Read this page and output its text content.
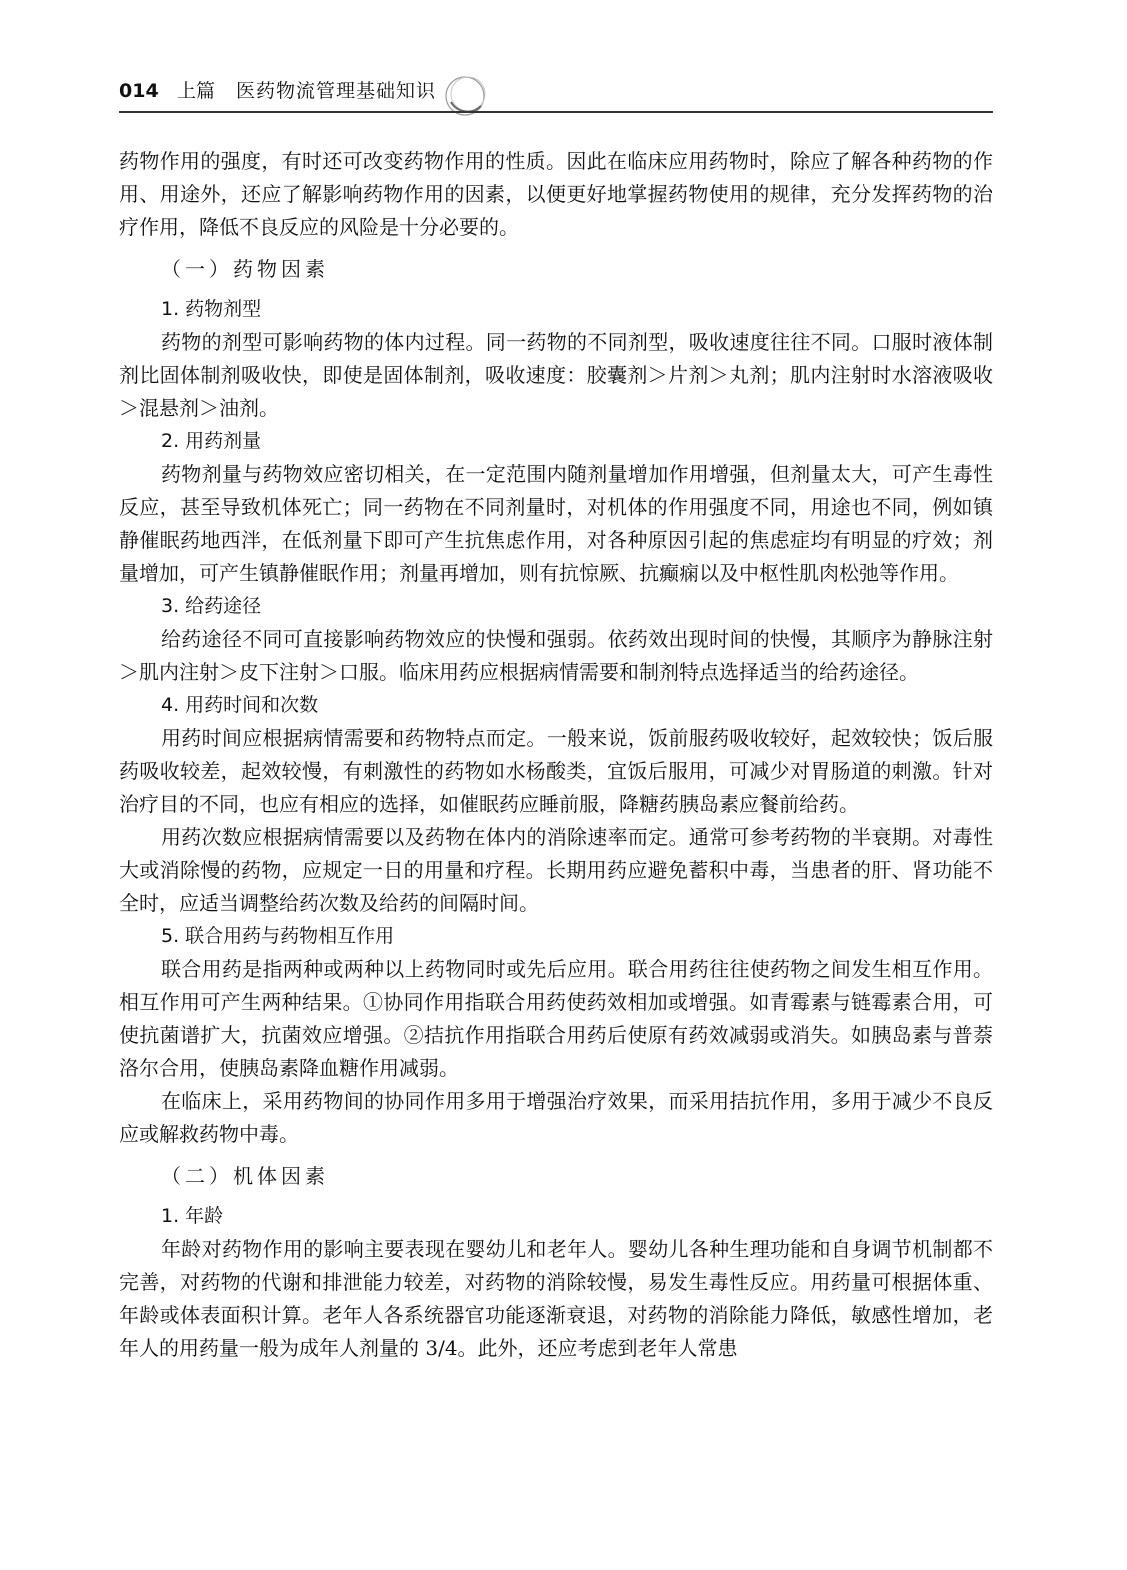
014 上篇 医药物流管理基础知识
药物作用的强度，有时还可改变药物作用的性质。因此在临床应用药物时，除应了解各种药物的作用、用途外，还应了解影响药物作用的因素，以便更好地掌握药物使用的规律，充分发挥药物的治疗作用，降低不良反应的风险是十分必要的。
（一）药物因素
1. 药物剂型
药物的剂型可影响药物的体内过程。同一药物的不同剂型，吸收速度往往不同。口服时液体制剂比固体制剂吸收快，即使是固体制剂，吸收速度：胶囊剂＞片剂＞丸剂；肌内注射时水溶液吸收＞混悬剂＞油剂。
2. 用药剂量
药物剂量与药物效应密切相关，在一定范围内随剂量增加作用增强，但剂量太大，可产生毒性反应，甚至导致机体死亡；同一药物在不同剂量时，对机体的作用强度不同，用途也不同，例如镇静催眠药地西泮，在低剂量下即可产生抗焦虑作用，对各种原因引起的焦虑症均有明显的疗效；剂量增加，可产生镇静催眠作用；剂量再增加，则有抗惊厥、抗癫痫以及中枢性肌肉松弛等作用。
3. 给药途径
给药途径不同可直接影响药物效应的快慢和强弱。依药效出现时间的快慢，其顺序为静脉注射＞肌内注射＞皮下注射＞口服。临床用药应根据病情需要和制剂特点选择适当的给药途径。
4. 用药时间和次数
用药时间应根据病情需要和药物特点而定。一般来说，饭前服药吸收较好，起效较快；饭后服药吸收较差，起效较慢，有刺激性的药物如水杨酸类，宜饭后服用，可减少对胃肠道的刺激。针对治疗目的不同，也应有相应的选择，如催眠药应睡前服，降糖药胰岛素应餐前给药。
用药次数应根据病情需要以及药物在体内的消除速率而定。通常可参考药物的半衰期。对毒性大或消除慢的药物，应规定一日的用量和疗程。长期用药应避免蓄积中毒，当患者的肝、肾功能不全时，应适当调整给药次数及给药的间隔时间。
5. 联合用药与药物相互作用
联合用药是指两种或两种以上药物同时或先后应用。联合用药往往使药物之间发生相互作用。相互作用可产生两种结果。①协同作用指联合用药使药效相加或增强。如青霉素与链霉素合用，可使抗菌谱扩大，抗菌效应增强。②拮抗作用指联合用药后使原有药效减弱或消失。如胰岛素与普萘洛尔合用，使胰岛素降血糖作用减弱。
在临床上，采用药物间的协同作用多用于增强治疗效果，而采用拮抗作用，多用于减少不良反应或解救药物中毒。
（二）机体因素
1. 年龄
年龄对药物作用的影响主要表现在婴幼儿和老年人。婴幼儿各种生理功能和自身调节机制都不完善，对药物的代谢和排泄能力较差，对药物的消除较慢，易发生毒性反应。用药量可根据体重、年龄或体表面积计算。老年人各系统器官功能逐渐衰退，对药物的消除能力降低，敏感性增加，老年人的用药量一般为成年人剂量的 3/4。此外，还应考虑到老年人常患
